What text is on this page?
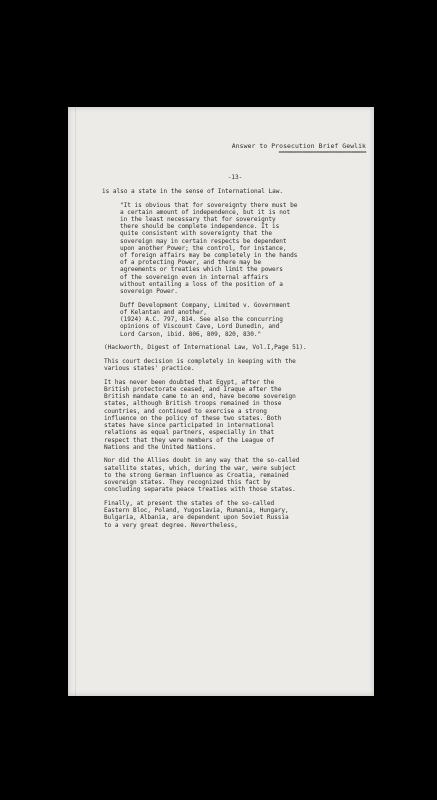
Answer to Prosecution Brief Gewlik
==============================
-13-
is also a state in the sense of International Law.
"It is obvious that for sovereignty there must be
a certain amount of independence, but it is not
in the least necessary that for sovereignty
there should be complete independence. It is
quite consistent with sovereignty that the
sovereign may in certain respects be dependent
upon another Power; the control, for instance,
of foreign affairs may be completely in the hands
of a protecting Power, and there may be
agreements or treaties which limit the powers
of the sovereign even in internal affairs
without entailing a loss of the position of a
sovereign Power.
Duff Development Company, Limited v. Government
of Kelantan and another,
(1924) A.C. 797, 814. See also the concurring
opinions of Viscount Cave, Lord Dunedin, and
Lord Carson, ibid. 806, 809, 820, 830."
(Hackworth, Digest of International Law, Vol.I,Page 51).
This court decision is completely in keeping with the
various states' practice.
It has never been doubted that Egypt, after the
British protectorate ceased, and Iraque after the
British mandate came to an end, have become sovereign
states, although British troops remained in those
countries, and continued to exercise a strong
influence on the policy of these two states. Both
states have since participated in international
relations as equal partners, especially in that
respect that they were members of the League of
Nations and the United Nations.
Nor did the Allies doubt in any way that the so-called
satellite states, which, during the war, were subject
to the strong German influence as Croatia, remained
sovereign states. They recognized this fact by
concluding separate peace treaties with those states.
Finally, at present the states of the so-called
Eastern Bloc, Poland, Yugoslavia, Rumania, Hungary,
Bulgaria, Albania, are dependent upon Soviet Russia
to a very great degree. Nevertheless,
